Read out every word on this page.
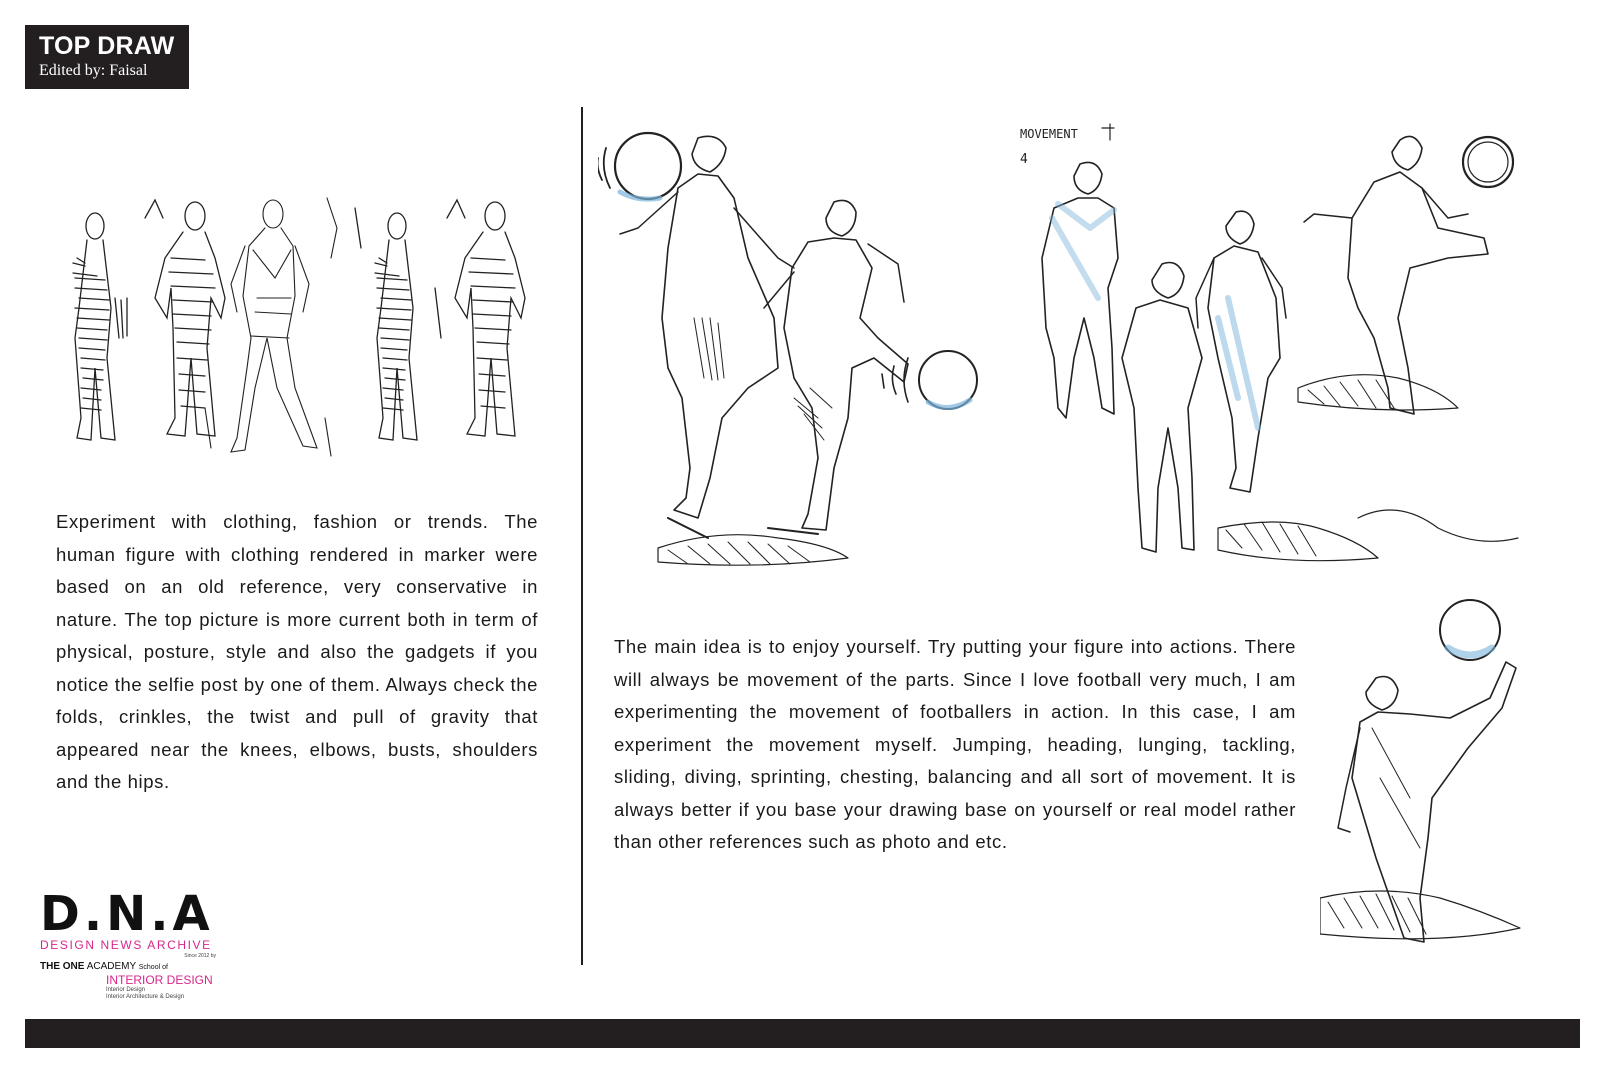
TOP DRAW
Edited by: Faisal
Experiment with clothing, fashion or trends. The human figure with clothing rendered in marker were based on an old reference, very conservative in nature. The top picture is more current both in term of physical, posture, style and also the gadgets if you notice the selfie post by one of them. Always check the folds, crinkles, the twist and pull of gravity that appeared near the knees, elbows, busts, shoulders and the hips.
MOVEMENT
4
The main idea is to enjoy yourself. Try putting your figure into actions. There will always be movement of the parts. Since I love football very much, I am experimenting the movement of footballers in action. In this case, I am experiment the movement myself. Jumping, heading, lunging, tackling, sliding, diving, sprinting, chesting, balancing and all sort of movement. It is always better if you base your drawing base on yourself or real model rather than other references such as photo and etc.
D.N.A
DESIGN NEWS ARCHIVE
Since 2012 by
THE ONE ACADEMY School of
INTERIOR DESIGN
Interior Design
Interior Architecture & Design
